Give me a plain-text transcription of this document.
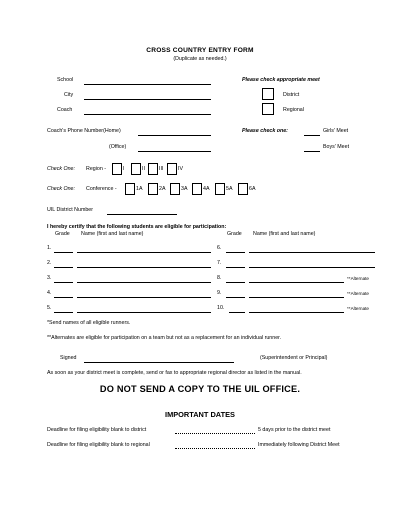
CROSS COUNTRY ENTRY FORM
(Duplicate as needed.)
School
City
Coach
Please check appropriate meet
District
Regional
Coach's Phone Number(Home)
(Office)
Please check one:	Girls' Meet
Boys' Meet
Check One: Region -	I	II	III	IV
Check One: Conference -	1A	2A	3A	4A	5A	6A
UIL District Number
I hereby certify that the following students are eligible for participation:
Grade Name (first and last name)	Grade Name (first and last name)
1.
2.
3.
4.
5.
6.
7.
8.	**Alternate
9.	**Alternate
10.	**Alternate
*Send names of all eligible runners.
**Alternates are eligible for participation on a team but not as a replacement for an individual runner.
Signed	(Superintendent or Principal)
As soon as your district meet is complete, send or fax to appropriate regional director as listed in the manual.
DO NOT SEND A COPY TO THE UIL OFFICE.
IMPORTANT DATES
Deadline for filing eligibility blank to district	5 days prior to the district meet
Deadline for filing eligibility blank to regional	Immediately following District Meet
